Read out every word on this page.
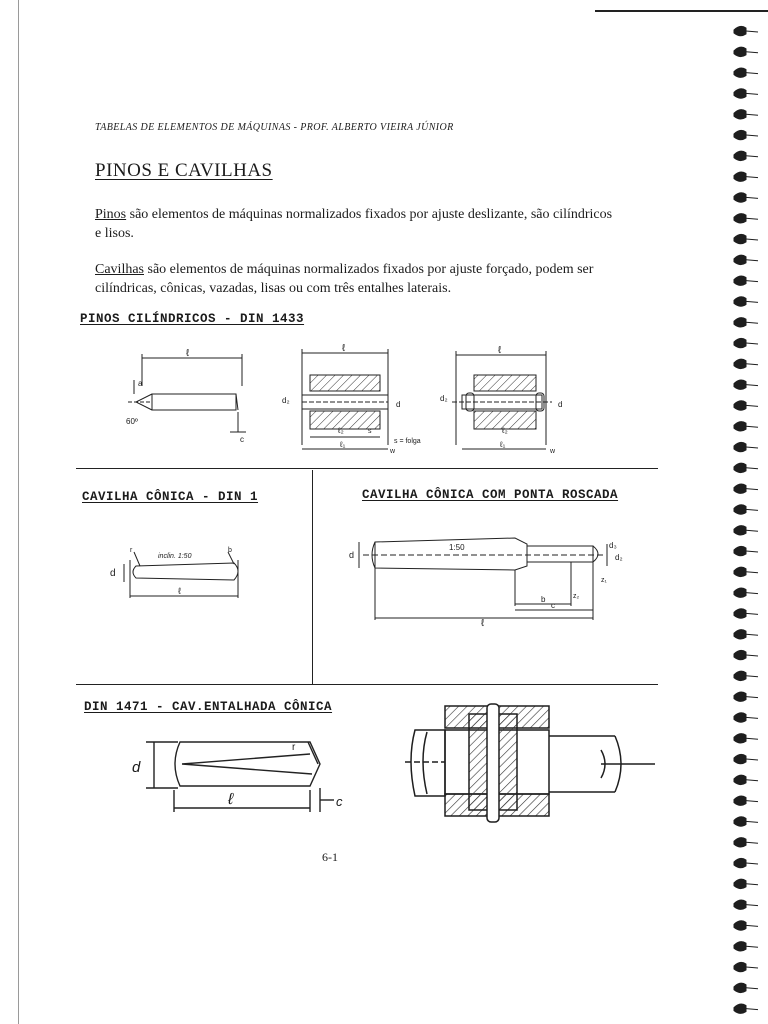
TABELAS DE ELEMENTOS DE MÁQUINAS - PROF. ALBERTO VIEIRA JÚNIOR
PINOS E CAVILHAS
Pinos são elementos de máquinas normalizados fixados por ajuste deslizante, são cilíndricos e lisos.
Cavilhas são elementos de máquinas normalizados fixados por ajuste forçado, podem ser cilíndricas, cônicas, vazadas, lisas ou com três entalhes laterais.
PINOS CILÍNDRICOS - DIN 1433
ℓ
a
60º
c
ℓ
d₂	d
ℓ₂	s
ℓ₁
w
s = folga
ℓ
d₂
d
ℓ₂
ℓ₁
w
CAVILHA CÔNICA - DIN 1	CAVILHA CÔNICA COM PONTA ROSCADA
d
inclin. 1:50
r	b
ℓ
1:50
d
d₃
d₂
z₁
z₂
b
c
ℓ
DIN 1471 - CAV.ENTALHADA CÔNICA
d
r
ℓ	c
6-1
